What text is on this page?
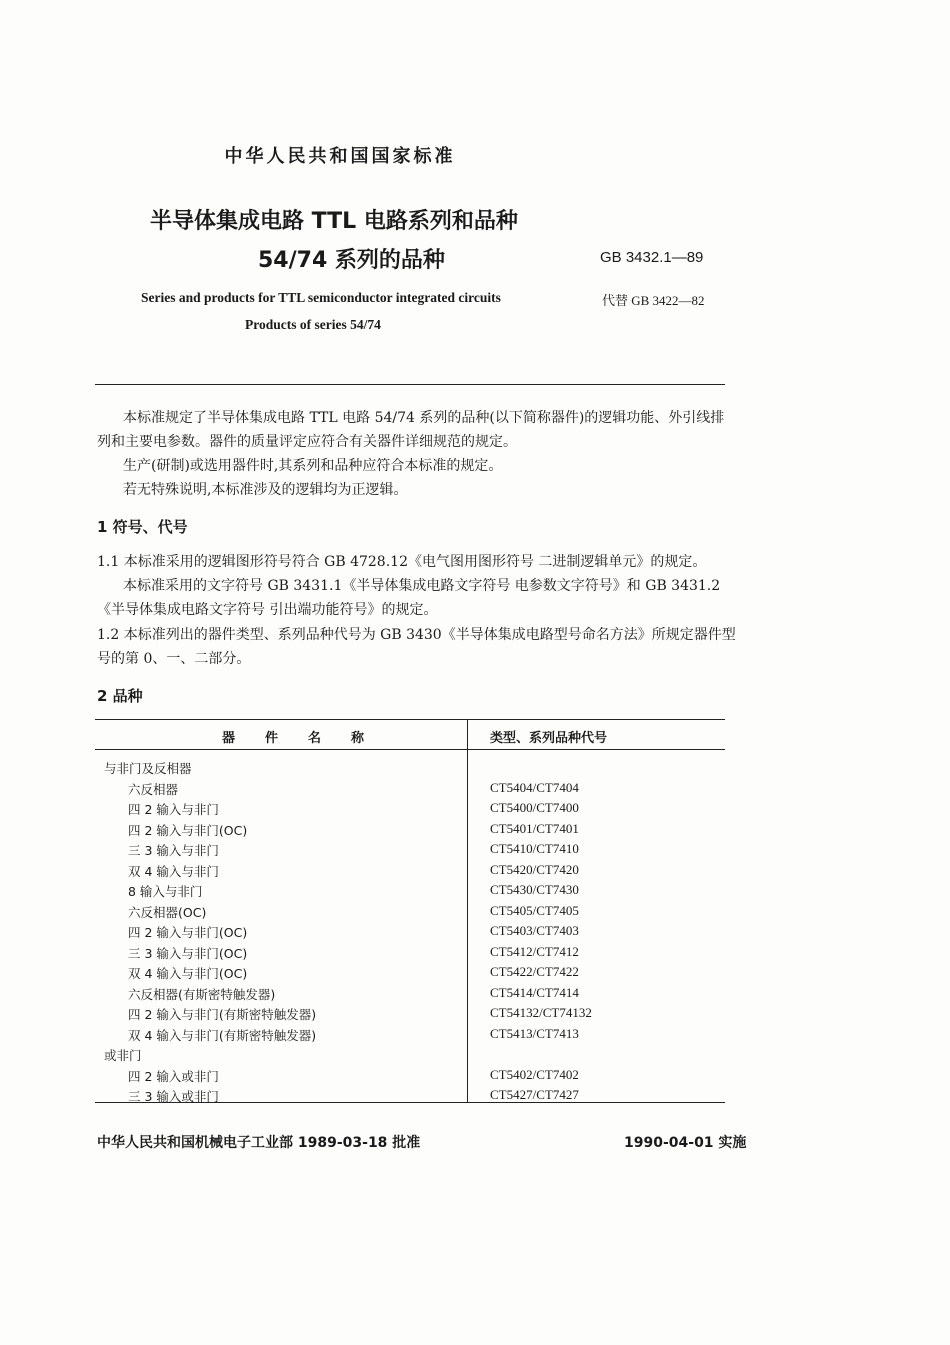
中华人民共和国国家标准
半导体集成电路 TTL 电路系列和品种
54/74 系列的品种	GB 3432.1—89
Series and products for TTL semiconductor integrated circuits	代替 GB 3422—82
Products of series 54/74
本标准规定了半导体集成电路 TTL 电路 54/74 系列的品种(以下简称器件)的逻辑功能、外引线排
列和主要电参数。器件的质量评定应符合有关器件详细规范的规定。
生产(研制)或选用器件时,其系列和品种应符合本标准的规定。
若无特殊说明,本标准涉及的逻辑均为正逻辑。
1 符号、代号
1.1 本标准采用的逻辑图形符号符合 GB 4728.12《电气图用图形符号 二进制逻辑单元》的规定。
本标准采用的文字符号 GB 3431.1《半导体集成电路文字符号 电参数文字符号》和 GB 3431.2
《半导体集成电路文字符号 引出端功能符号》的规定。
1.2 本标准列出的器件类型、系列品种代号为 GB 3430《半导体集成电路型号命名方法》所规定器件型
号的第 0、一、二部分。
2 品种
器件名称	类型、系列品种代号
与非门及反相器
六反相器	CT5404/CT7404
四 2 输入与非门	CT5400/CT7400
四 2 输入与非门(OC)	CT5401/CT7401
三 3 输入与非门	CT5410/CT7410
双 4 输入与非门	CT5420/CT7420
8 输入与非门	CT5430/CT7430
六反相器(OC)	CT5405/CT7405
四 2 输入与非门(OC)	CT5403/CT7403
三 3 输入与非门(OC)	CT5412/CT7412
双 4 输入与非门(OC)	CT5422/CT7422
六反相器(有斯密特触发器)	CT5414/CT7414
四 2 输入与非门(有斯密特触发器)	CT54132/CT74132
双 4 输入与非门(有斯密特触发器)	CT5413/CT7413
或非门
四 2 输入或非门	CT5402/CT7402
三 3 输入或非门	CT5427/CT7427
中华人民共和国机械电子工业部 1989-03-18 批准	1990-04-01 实施
